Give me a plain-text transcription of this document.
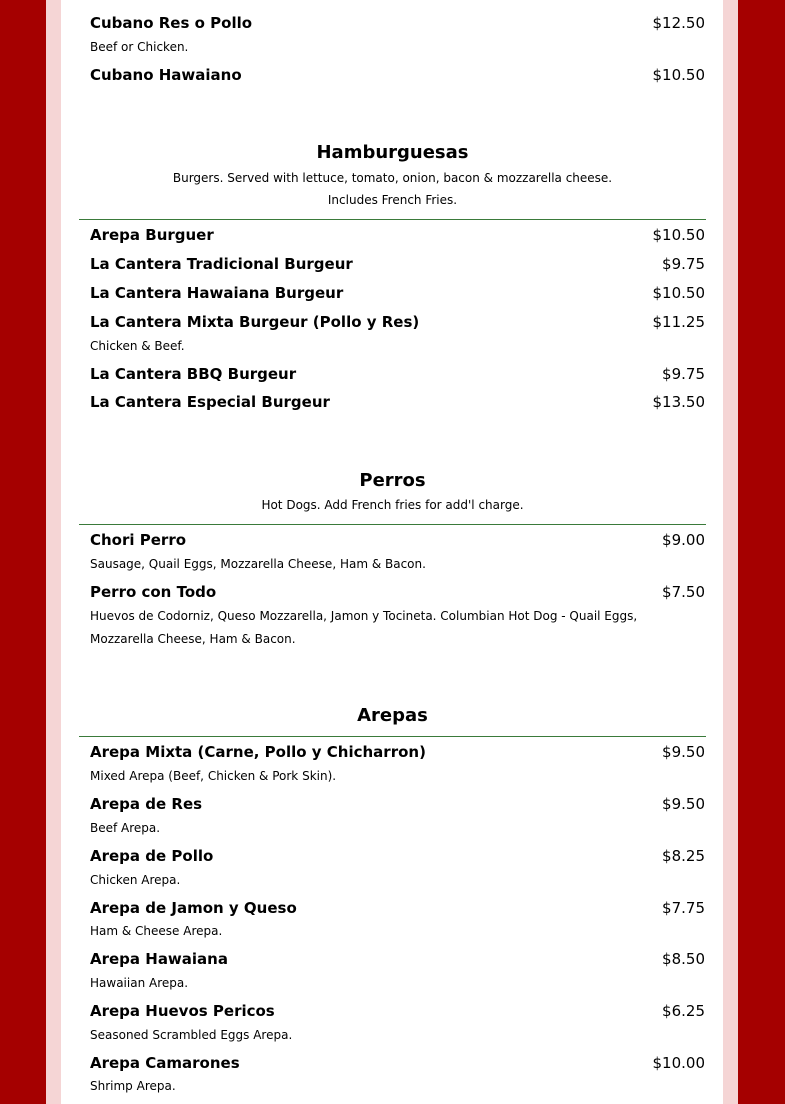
Cubano Res o Pollo	$12.50
Beef or Chicken.
Cubano Hawaiano	$10.50
Hamburguesas
Burgers. Served with lettuce, tomato, onion, bacon & mozzarella cheese.
Includes French Fries.
Arepa Burguer	$10.50
La Cantera Tradicional Burgeur	$9.75
La Cantera Hawaiana Burgeur	$10.50
La Cantera Mixta Burgeur (Pollo y Res)	$11.25
Chicken & Beef.
La Cantera BBQ Burgeur	$9.75
La Cantera Especial Burgeur	$13.50
Perros
Hot Dogs. Add French fries for add'l charge.
Chori Perro	$9.00
Sausage, Quail Eggs, Mozzarella Cheese, Ham & Bacon.
Perro con Todo	$7.50
Huevos de Codorniz, Queso Mozzarella, Jamon y Tocineta. Columbian Hot Dog - Quail Eggs, Mozzarella Cheese, Ham & Bacon.
Arepas
Arepa Mixta (Carne, Pollo y Chicharron)	$9.50
Mixed Arepa (Beef, Chicken & Pork Skin).
Arepa de Res	$9.50
Beef Arepa.
Arepa de Pollo	$8.25
Chicken Arepa.
Arepa de Jamon y Queso	$7.75
Ham & Cheese Arepa.
Arepa Hawaiana	$8.50
Hawaiian Arepa.
Arepa Huevos Pericos	$6.25
Seasoned Scrambled Eggs Arepa.
Arepa Camarones	$10.00
Shrimp Arepa.
